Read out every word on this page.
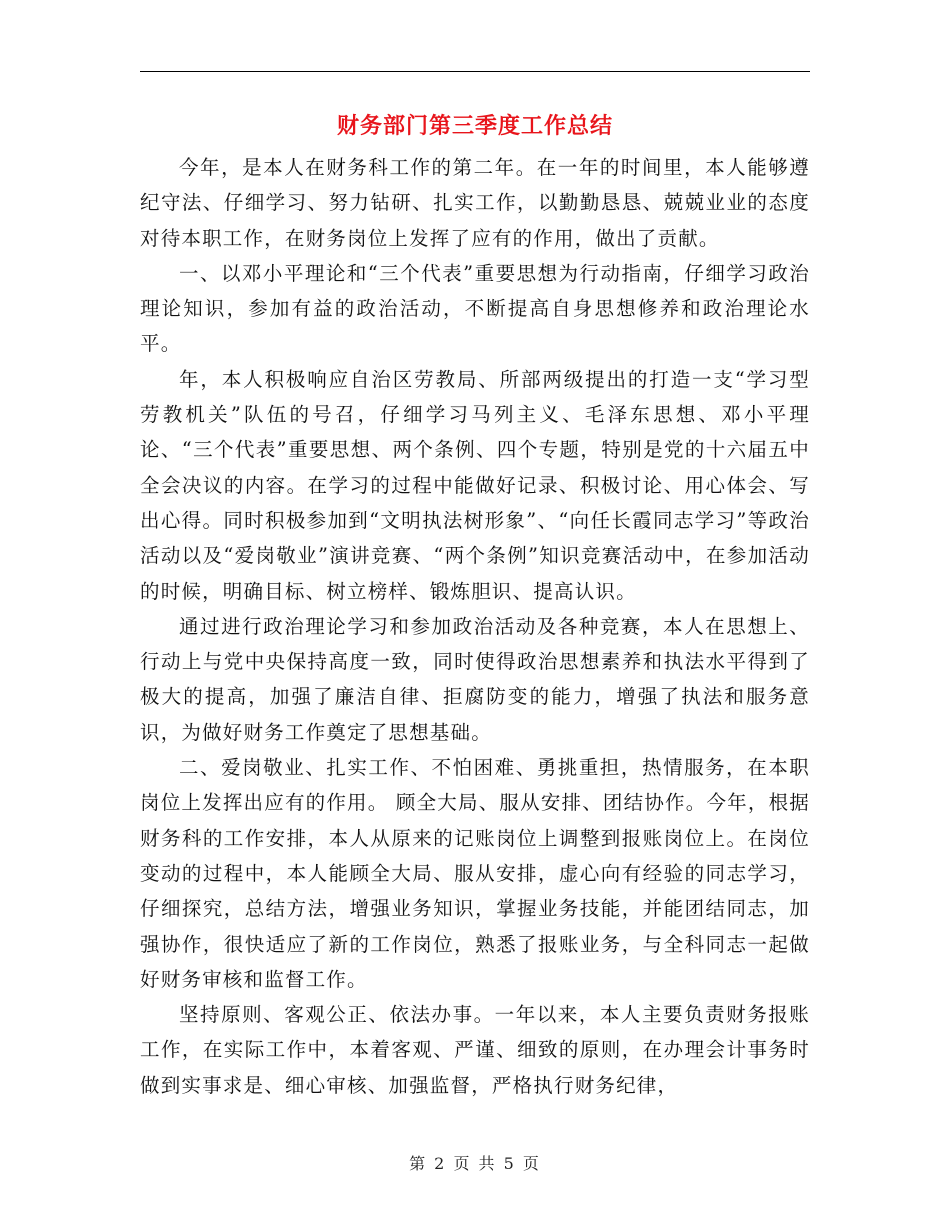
财务部门第三季度工作总结

今年，是本人在财务科工作的第二年。在一年的时间里，本人能够遵纪守法、仔细学习、努力钻研、扎实工作，以勤勤恳恳、兢兢业业的态度对待本职工作，在财务岗位上发挥了应有的作用，做出了贡献。

一、以邓小平理论和“三个代表”重要思想为行动指南，仔细学习政治理论知识，参加有益的政治活动，不断提高自身思想修养和政治理论水平。

年，本人积极响应自治区劳教局、所部两级提出的打造一支“学习型劳教机关”队伍的号召，仔细学习马列主义、毛泽东思想、邓小平理论、“三个代表”重要思想、两个条例、四个专题，特别是党的十六届五中全会决议的内容。在学习的过程中能做好记录、积极讨论、用心体会、写出心得。同时积极参加到“文明执法树形象”、“向任长霞同志学习”等政治活动以及“爱岗敬业”演讲竞赛、“两个条例”知识竞赛活动中，在参加活动的时候，明确目标、树立榜样、锻炼胆识、提高认识。

通过进行政治理论学习和参加政治活动及各种竞赛，本人在思想上、行动上与党中央保持高度一致，同时使得政治思想素养和执法水平得到了极大的提高，加强了廉洁自律、拒腐防变的能力，增强了执法和服务意识，为做好财务工作奠定了思想基础。

二、爱岗敬业、扎实工作、不怕困难、勇挑重担，热情服务，在本职岗位上发挥出应有的作用。 顾全大局、服从安排、团结协作。今年，根据财务科的工作安排，本人从原来的记账岗位上调整到报账岗位上。在岗位变动的过程中，本人能顾全大局、服从安排，虚心向有经验的同志学习，仔细探究，总结方法，增强业务知识，掌握业务技能，并能团结同志，加强协作，很快适应了新的工作岗位，熟悉了报账业务，与全科同志一起做好财务审核和监督工作。

坚持原则、客观公正、依法办事。一年以来，本人主要负责财务报账工作，在实际工作中，本着客观、严谨、细致的原则，在办理会计事务时做到实事求是、细心审核、加强监督，严格执行财务纪律，

第 2 页 共 5 页
